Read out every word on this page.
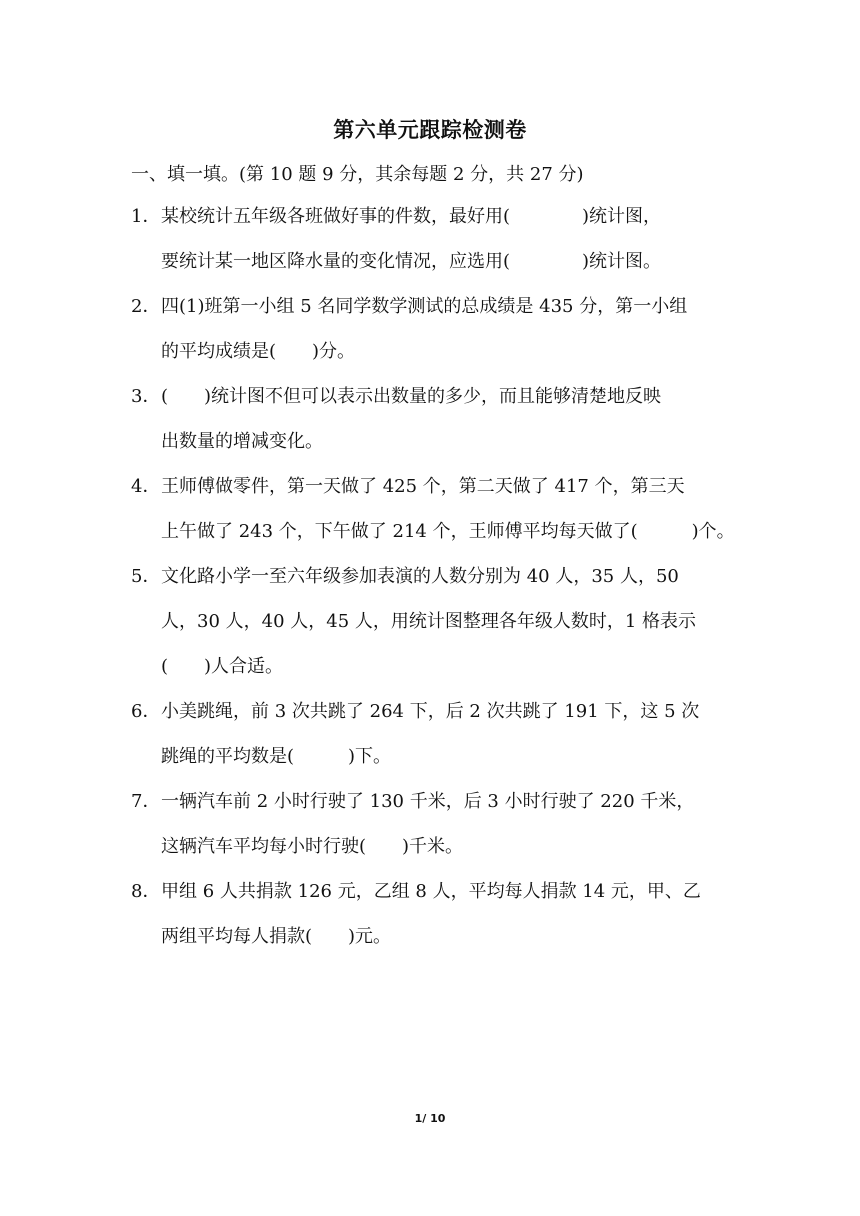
第六单元跟踪检测卷
一、填一填。(第 10 题 9 分，其余每题 2 分，共 27 分)
1．某校统计五年级各班做好事的件数，最好用(　　　　)统计图，
要统计某一地区降水量的变化情况，应选用(　　　　)统计图。
2．四(1)班第一小组 5 名同学数学测试的总成绩是 435 分，第一小组
的平均成绩是(　　)分。
3．(　　)统计图不但可以表示出数量的多少，而且能够清楚地反映
出数量的增减变化。
4．王师傅做零件，第一天做了 425 个，第二天做了 417 个，第三天
上午做了 243 个，下午做了 214 个，王师傅平均每天做了(　　　)个。
5．文化路小学一至六年级参加表演的人数分别为 40 人，35 人，50
人，30 人，40 人，45 人，用统计图整理各年级人数时，1 格表示
(　　)人合适。
6．小美跳绳，前 3 次共跳了 264 下，后 2 次共跳了 191 下，这 5 次
跳绳的平均数是(　　　)下。
7．一辆汽车前 2 小时行驶了 130 千米，后 3 小时行驶了 220 千米，
这辆汽车平均每小时行驶(　　)千米。
8．甲组 6 人共捐款 126 元，乙组 8 人，平均每人捐款 14 元，甲、乙
两组平均每人捐款(　　)元。
1/ 10
